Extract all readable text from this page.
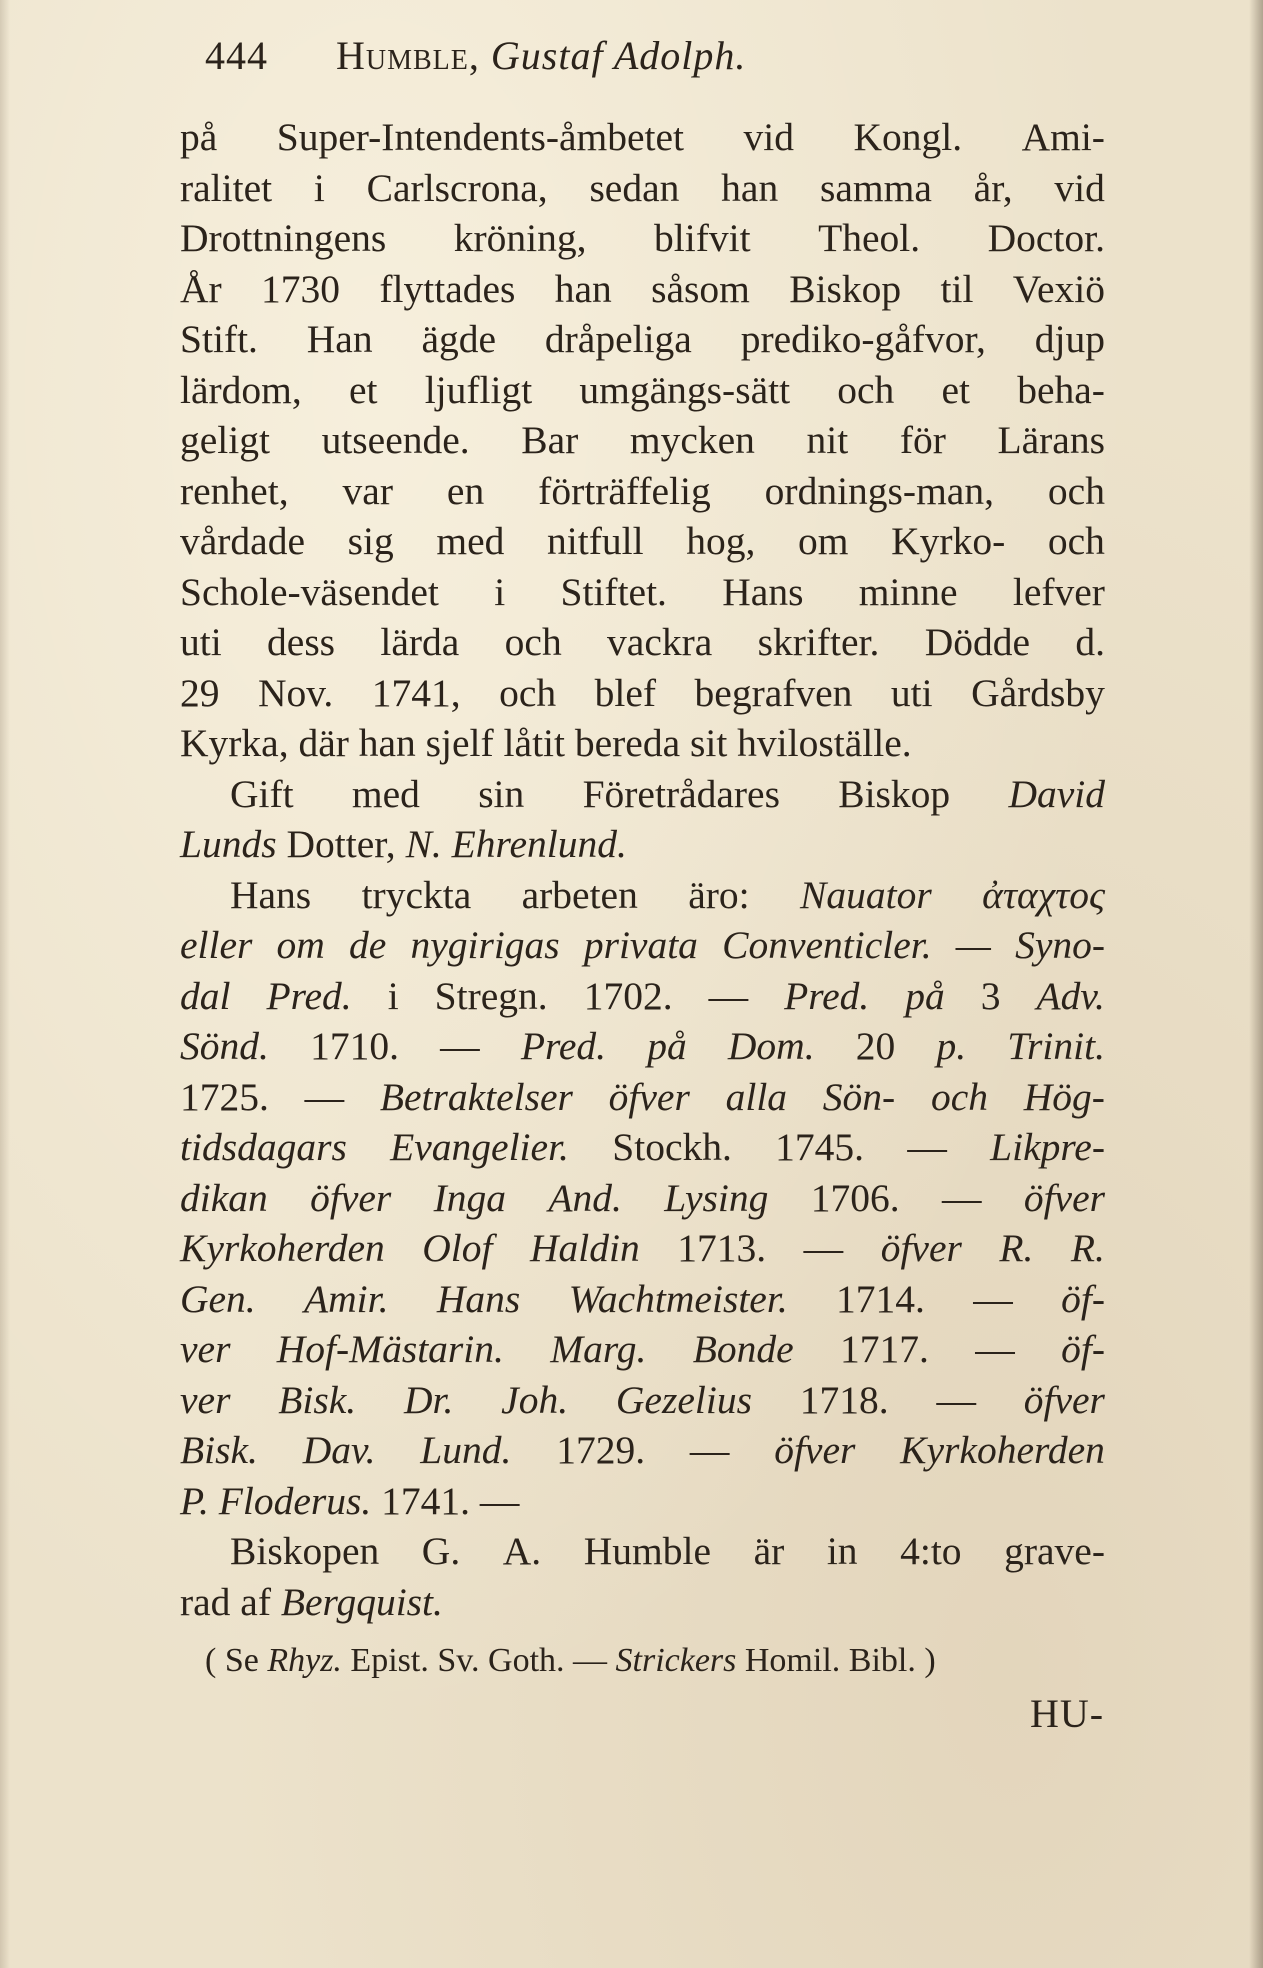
444 Humble, Gustaf Adolph.
på Super-Intendents-åmbetet vid Kongl. Ami-
ralitet i Carlscrona, sedan han samma år, vid
Drottningens kröning, blifvit Theol. Doctor.
År 1730 flyttades han såsom Biskop til Vexiö
Stift. Han ägde dråpeliga prediko-gåfvor, djup
lärdom, et ljufligt umgängs-sätt och et beha-
geligt utseende. Bar mycken nit för Lärans
renhet, var en förträffelig ordnings-man, och
vårdade sig med nitfull hog, om Kyrko- och
Schole-väsendet i Stiftet. Hans minne lefver
uti dess lärda och vackra skrifter. Dödde d.
29 Nov. 1741, och blef begrafven uti Gårdsby
Kyrka, där han sjelf låtit bereda sit hviloställe.
Gift med sin Företrådares Biskop David
Lunds Dotter, N. Ehrenlund.
Hans tryckta arbeten äro: Nauator ἀταχτος
eller om de nygirigas privata Conventicler. — Syno-
dal Pred. i Stregn. 1702. — Pred. på 3 Adv.
Sönd. 1710. — Pred. på Dom. 20 p. Trinit.
1725. — Betraktelser öfver alla Sön- och Hög-
tidsdagars Evangelier. Stockh. 1745. — Likpre-
dikan öfver Inga And. Lysing 1706. — öfver
Kyrkoherden Olof Haldin 1713. — öfver R. R.
Gen. Amir. Hans Wachtmeister. 1714. — öf-
ver Hof-Mästarin. Marg. Bonde 1717. — öf-
ver Bisk. Dr. Joh. Gezelius 1718. — öfver
Bisk. Dav. Lund. 1729. — öfver Kyrkoherden
P. Floderus. 1741. —
Biskopen G. A. Humble är in 4:to grave-
rad af Bergquist.
( Se Rhyz. Epist. Sv. Goth. — Strickers Homil. Bibl. )
HU-
